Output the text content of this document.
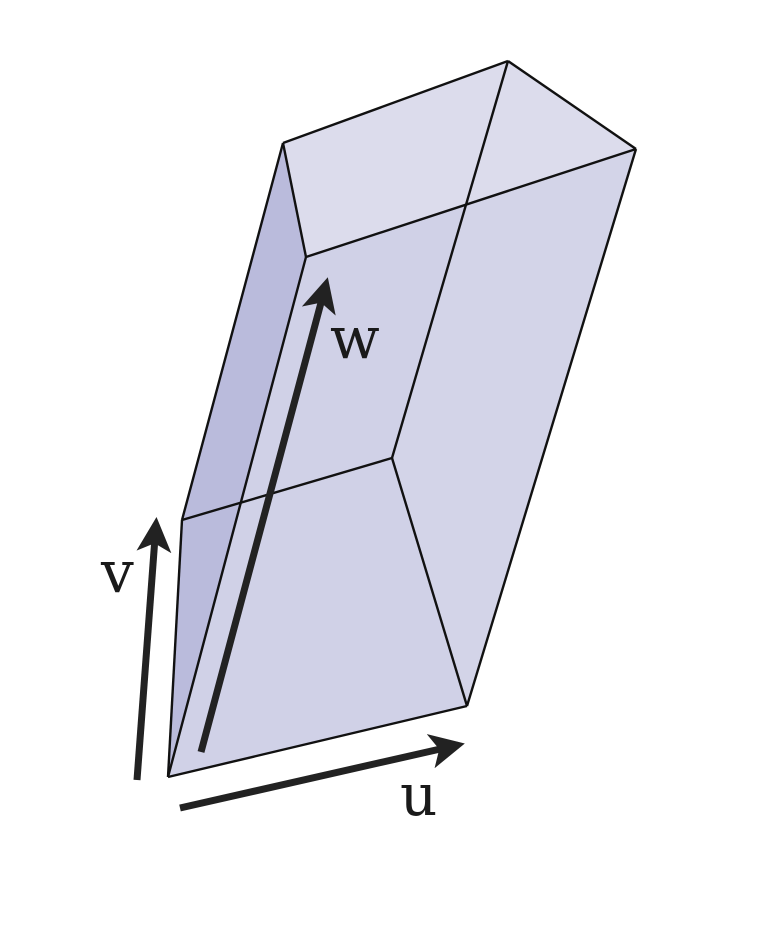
u
v
w
